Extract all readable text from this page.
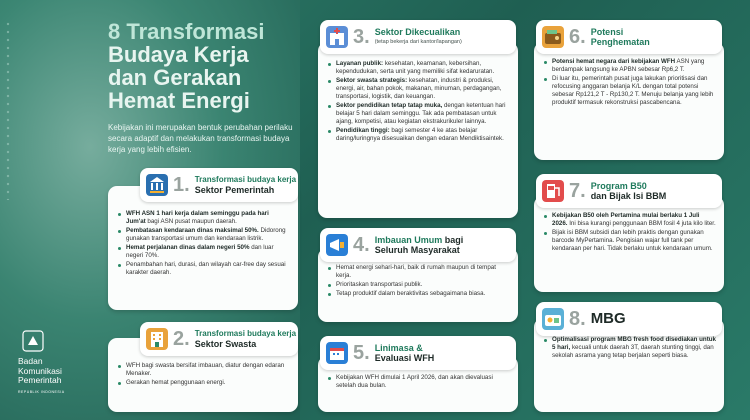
8 Transformasi
Budaya Kerja
dan Gerakan
Hemat Energi
Kebijakan ini merupakan bentuk perubahan perilaku secara adaptif dan melakukan transformasi budaya kerja yang lebih efisien.
Badan
Komunikasi
Pemerintah
REPUBLIK INDONESIA
WFH ASN 1 hari kerja dalam seminggu pada hari Jum'at bagi ASN pusat maupun daerah.
Pembatasan kendaraan dinas maksimal 50%. Didorong gunakan transportasi umum dan kendaraan listrik.
Hemat perjalanan dinas dalam negeri 50% dan luar negeri 70%.
Penambahan hari, durasi, dan wilayah car-free day sesuai karakter daerah.
1. Transformasi budaya kerja
Sektor Pemerintah
WFH bagi swasta bersifat imbauan, diatur dengan edaran Menaker.
Gerakan hemat penggunaan energi.
2. Transformasi budaya kerja
Sektor Swasta
Layanan publik: kesehatan, keamanan, kebersihan, kependudukan, serta unit yang memiliki sifat kedaruratan.
Sektor swasta strategis: kesehatan, industri & produksi, energi, air, bahan pokok, makanan, minuman, perdagangan, transportasi, logistik, dan keuangan.
Sektor pendidikan tetap tatap muka, dengan ketentuan hari belajar 5 hari dalam seminggu. Tak ada pembatasan untuk ajang, kompetisi, atau kegiatan ekstrakurikuler lainnya.
Pendidikan tinggi: bagi semester 4 ke atas belajar daring/luringnya disesuaikan dengan edaran Mendiktisaintek.
3. Sektor Dikecualikan
(tetap bekerja dari kantor/lapangan)
Hemat energi sehari-hari, baik di rumah maupun di tempat kerja.
Prioritaskan transportasi publik.
Tetap produktif dalam beraktivitas sebagaimana biasa.
4. Imbauan Umum bagi
Seluruh Masyarakat
Kebijakan WFH dimulai 1 April 2026, dan akan dievaluasi setelah dua bulan.
5. Linimasa &
Evaluasi WFH
Potensi hemat negara dari kebijakan WFH ASN yang berdampak langsung ke APBN sebesar Rp6,2 T.
Di luar itu, pemerintah pusat juga lakukan prioritisasi dan refocusing anggaran belanja K/L dengan total potensi sebesar Rp121,2 T - Rp130,2 T. Menuju belanja yang lebih produktif termasuk rekonstruksi pascabencana.
6. Potensi
Penghematan
Kebijakan B50 oleh Pertamina mulai berlaku 1 Juli 2026. Ini bisa kurangi penggunaan BBM fosil 4 juta kilo liter.
Bijak isi BBM subsidi dan lebih praktis dengan gunakan barcode MyPertamina. Pengisian wajar full tank per kendaraan per hari. Tidak berlaku untuk kendaraan umum.
7. Program B50
dan Bijak Isi BBM
Optimalisasi program MBG fresh food disediakan untuk 5 hari, kecuali untuk daerah 3T, daerah stunting tinggi, dan sekolah asrama yang tetap berjalan seperti biasa.
8. MBG
